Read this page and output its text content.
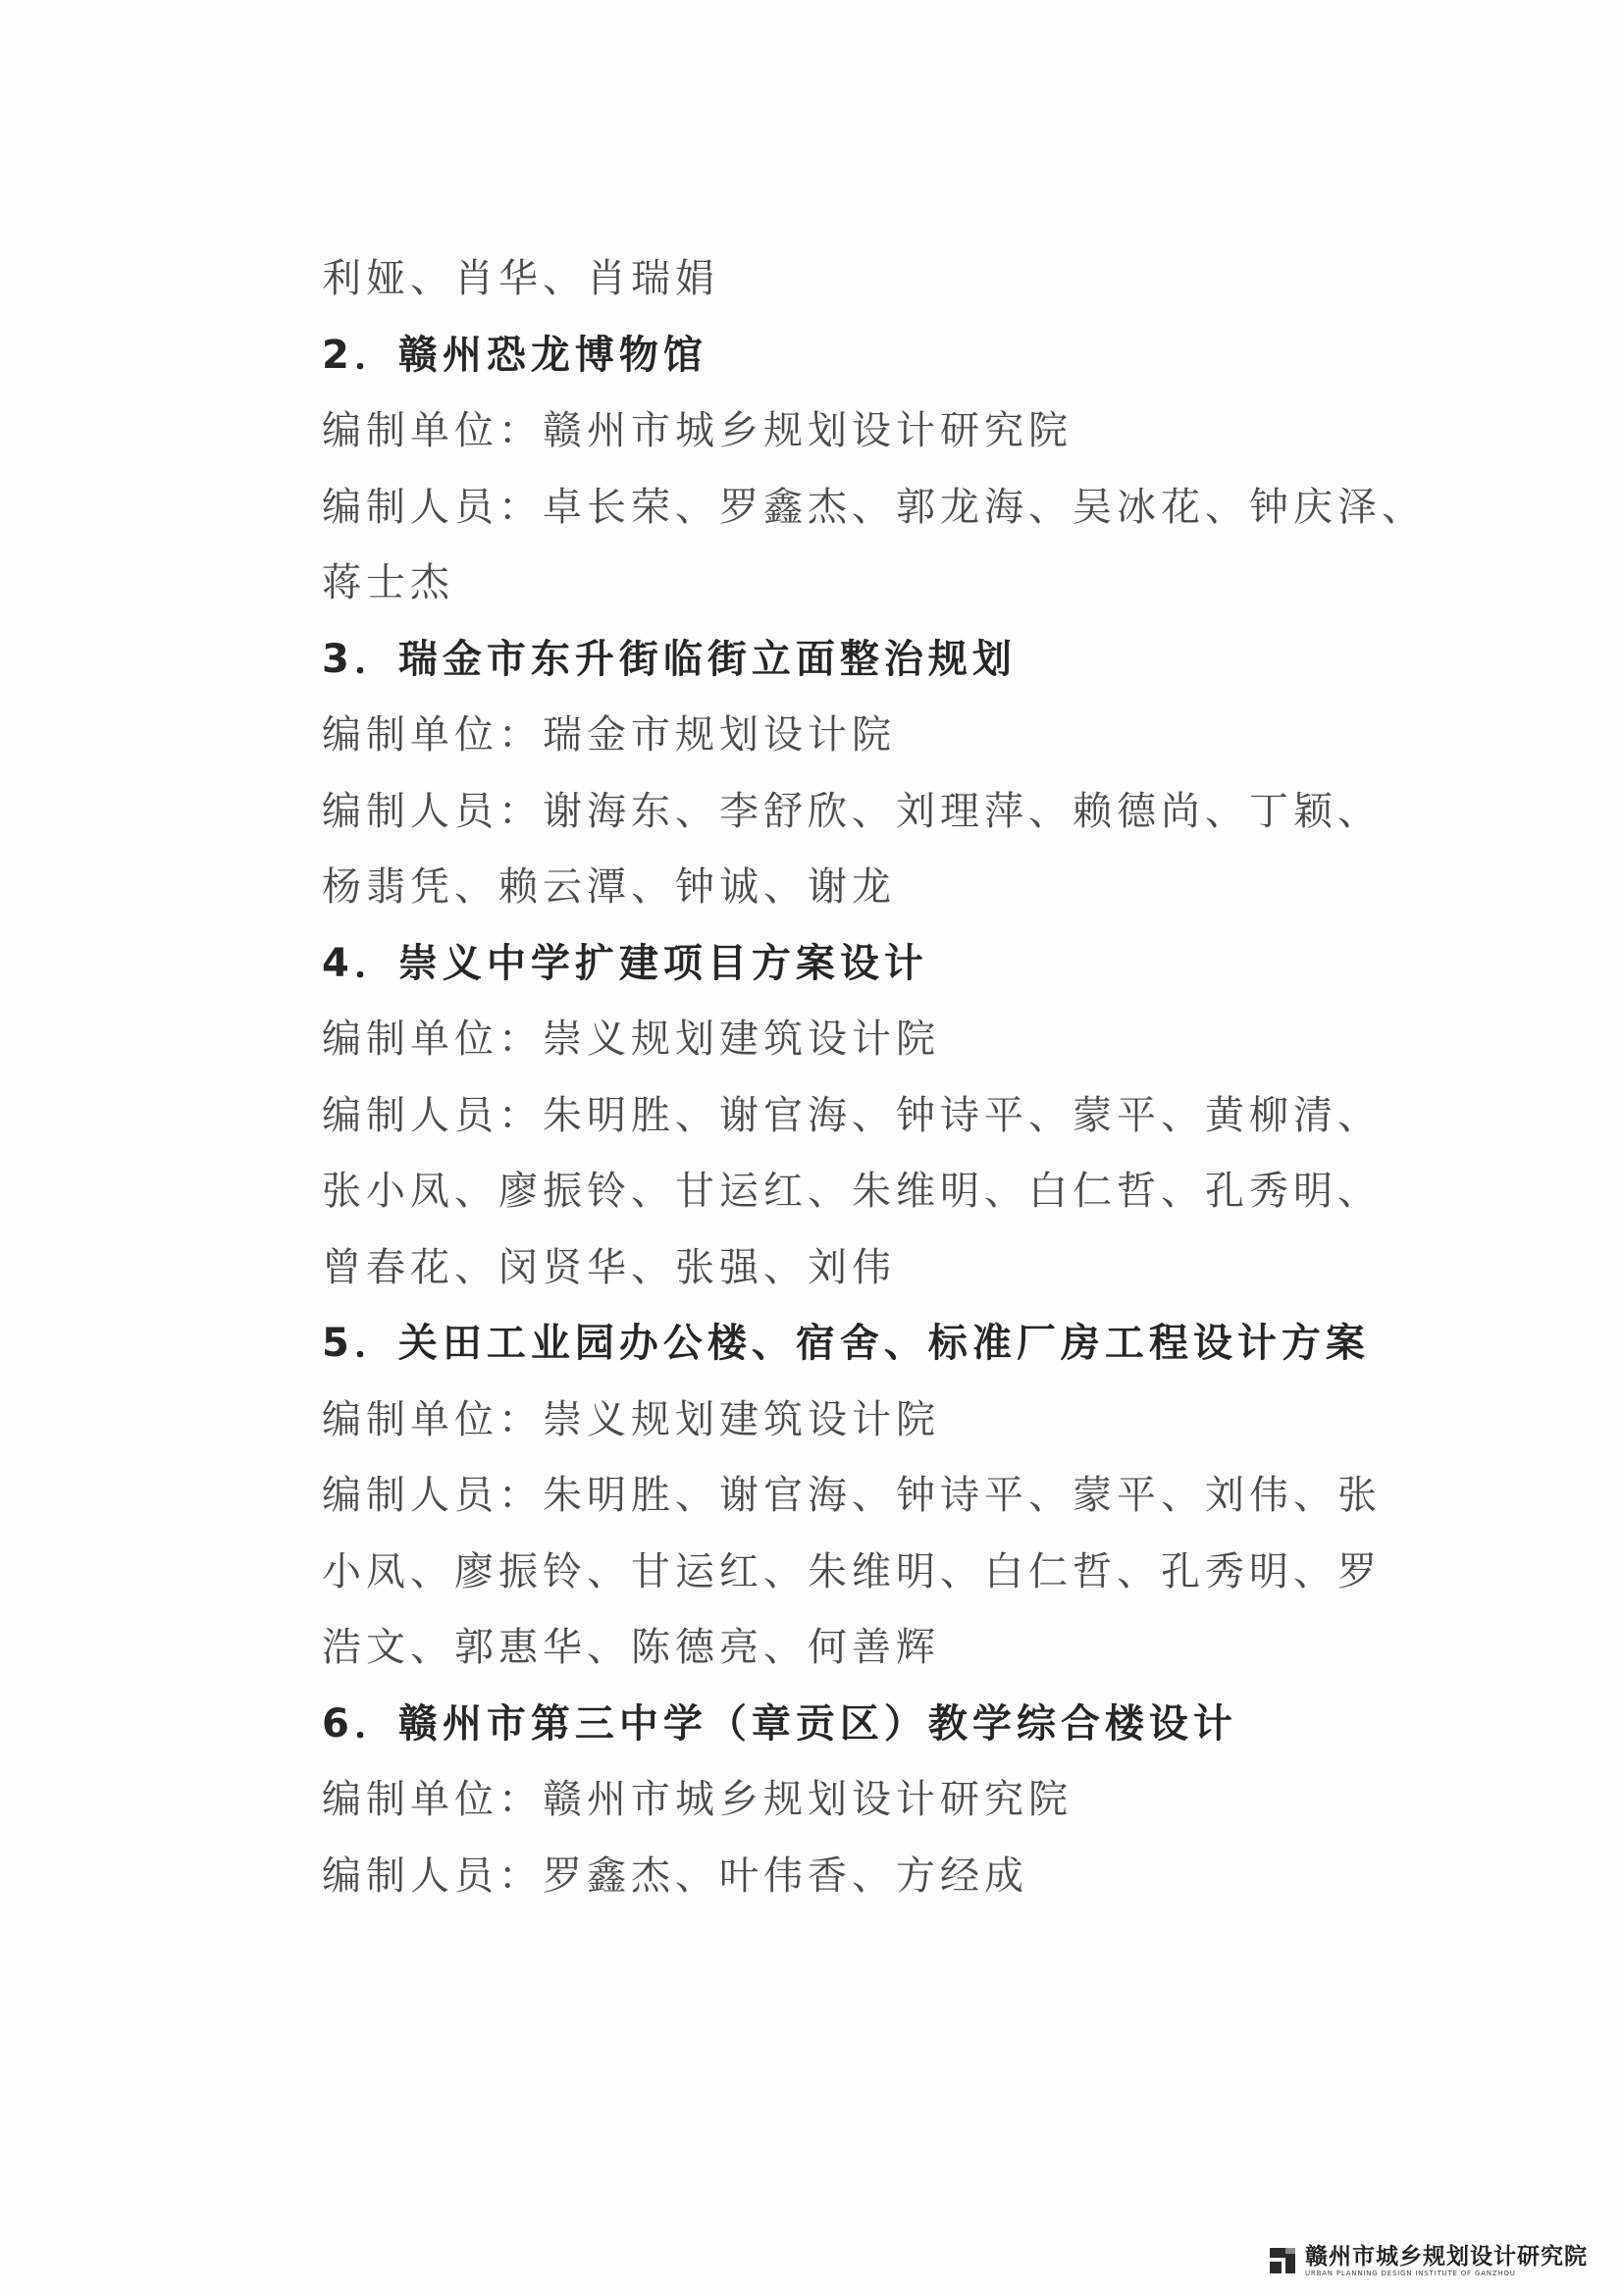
利娅、肖华、肖瑞娟
2．赣州恐龙博物馆
编制单位：赣州市城乡规划设计研究院
编制人员：卓长荣、罗鑫杰、郭龙海、吴冰花、钟庆泽、
蒋士杰
3．瑞金市东升街临街立面整治规划
编制单位：瑞金市规划设计院
编制人员：谢海东、李舒欣、刘理萍、赖德尚、丁颖、
杨翡凭、赖云潭、钟诚、谢龙
4．崇义中学扩建项目方案设计
编制单位：崇义规划建筑设计院
编制人员：朱明胜、谢官海、钟诗平、蒙平、黄柳清、
张小凤、廖振铃、甘运红、朱维明、白仁哲、孔秀明、
曾春花、闵贤华、张强、刘伟
5．关田工业园办公楼、宿舍、标准厂房工程设计方案
编制单位：崇义规划建筑设计院
编制人员：朱明胜、谢官海、钟诗平、蒙平、刘伟、张
小凤、廖振铃、甘运红、朱维明、白仁哲、孔秀明、罗
浩文、郭惠华、陈德亮、何善辉
6．赣州市第三中学（章贡区）教学综合楼设计
编制单位：赣州市城乡规划设计研究院
编制人员：罗鑫杰、叶伟香、方经成
赣州市城乡规划设计研究院
URBAN PLANNING DESIGN INSTITUTE OF GANZHOU
